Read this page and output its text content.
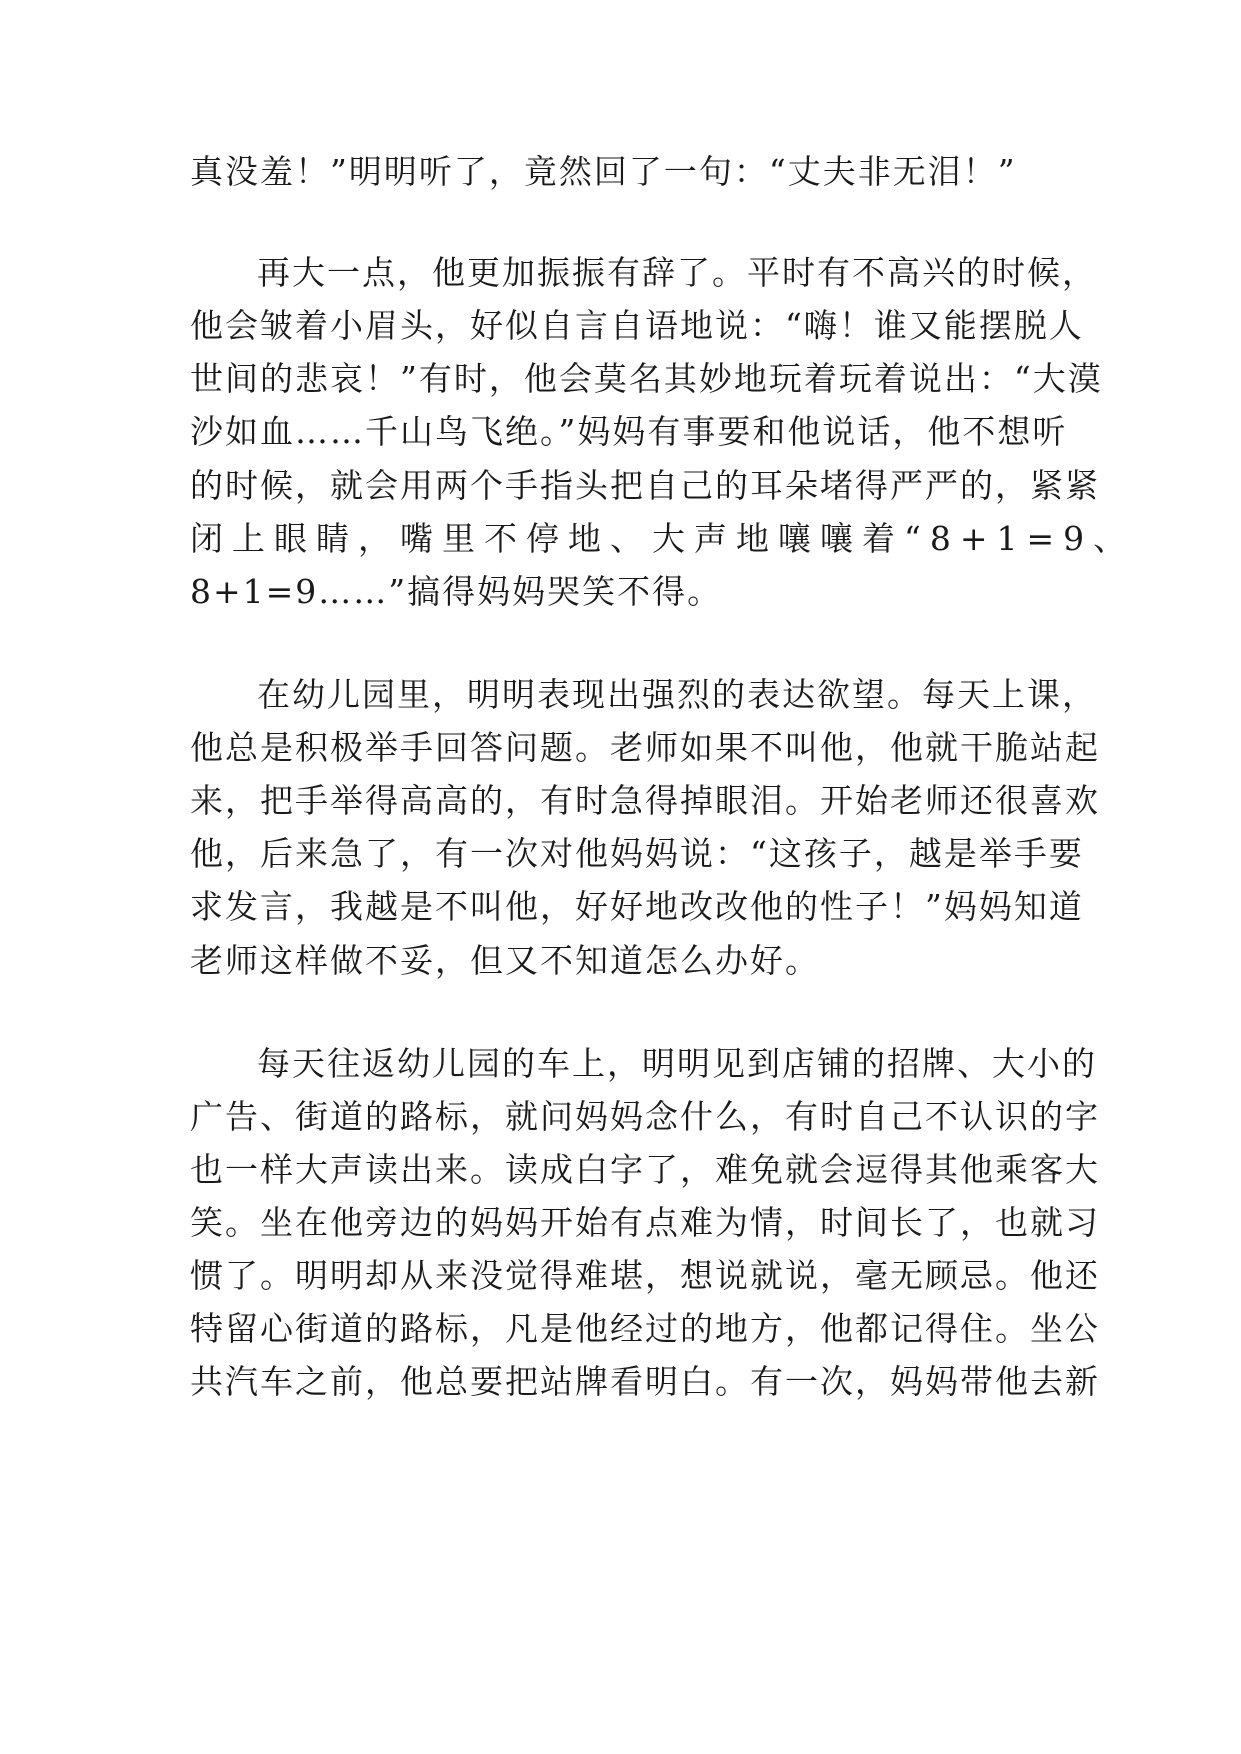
真没羞！”明明听了，竟然回了一句：“丈夫非无泪！”
再大一点，他更加振振有辞了。平时有不高兴的时候，
他会皱着小眉头，好似自言自语地说：“嗨！谁又能摆脱人
世间的悲哀！”有时，他会莫名其妙地玩着玩着说出：“大漠
沙如血……千山鸟飞绝。”妈妈有事要和他说话，他不想听
的时候，就会用两个手指头把自己的耳朵堵得严严的，紧紧
闭上眼睛，嘴里不停地、大声地嚷嚷着“8+1=9、
8+1=9……”搞得妈妈哭笑不得。
在幼儿园里，明明表现出强烈的表达欲望。每天上课，
他总是积极举手回答问题。老师如果不叫他，他就干脆站起
来，把手举得高高的，有时急得掉眼泪。开始老师还很喜欢
他，后来急了，有一次对他妈妈说：“这孩子，越是举手要
求发言，我越是不叫他，好好地改改他的性子！”妈妈知道
老师这样做不妥，但又不知道怎么办好。
每天往返幼儿园的车上，明明见到店铺的招牌、大小的
广告、街道的路标，就问妈妈念什么，有时自己不认识的字
也一样大声读出来。读成白字了，难免就会逗得其他乘客大
笑。坐在他旁边的妈妈开始有点难为情，时间长了，也就习
惯了。明明却从来没觉得难堪，想说就说，毫无顾忌。他还
特留心街道的路标，凡是他经过的地方，他都记得住。坐公
共汽车之前，他总要把站牌看明白。有一次，妈妈带他去新
